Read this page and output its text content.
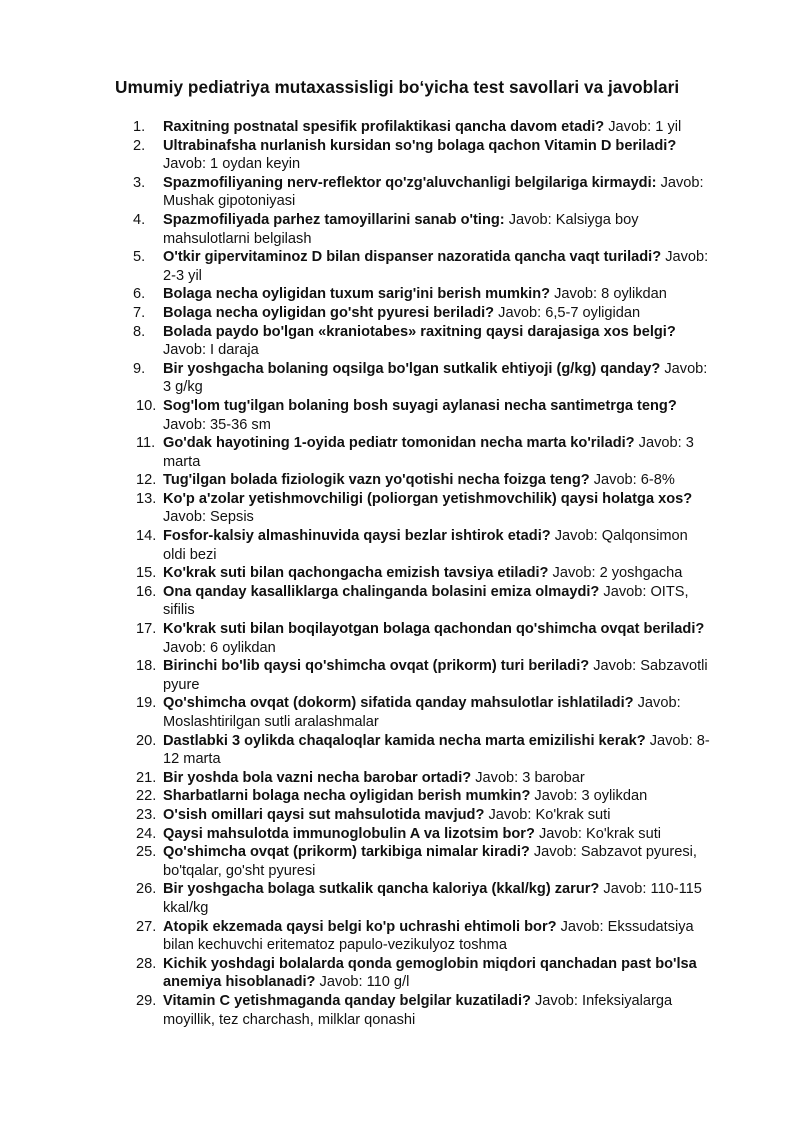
Umumiy pediatriya mutaxassisligi bo‘yicha test savollari va javoblari
1.	Raxitning postnatal spesifik profilaktikasi qancha davom etadi? Javob: 1 yil
2.	Ultrabinafsha nurlanish kursidan so'ng bolaga qachon Vitamin D beriladi? Javob: 1 oydan keyin
3.	Spazmofiliyaning nerv-reflektor qo'zg'aluvchanligi belgilariga kirmaydi: Javob: Mushak gipotoniyasi
4.	Spazmofiliyada parhez tamoyillarini sanab o'ting: Javob: Kalsiyga boy mahsulotlarni belgilash
5.	O'tkir gipervitaminoz D bilan dispanser nazoratida qancha vaqt turiladi? Javob: 2-3 yil
6.	Bolaga necha oyligidan tuxum sarig'ini berish mumkin? Javob: 8 oylikdan
7.	Bolaga necha oyligidan go'sht pyuresi beriladi? Javob: 6,5-7 oyligidan
8.	Bolada paydo bo'lgan «kraniotabes» raxitning qaysi darajasiga xos belgi? Javob: I daraja
9.	Bir yoshgacha bolaning oqsilga bo'lgan sutkalik ehtiyoji (g/kg) qanday? Javob: 3 g/kg
10. Sog'lom tug'ilgan bolaning bosh suyagi aylanasi necha santimetrga teng? Javob: 35-36 sm
11. Go'dak hayotining 1-oyida pediatr tomonidan necha marta ko'riladi? Javob: 3 marta
12. Tug'ilgan bolada fiziologik vazn yo'qotishi necha foizga teng? Javob: 6-8%
13. Ko'p a'zolar yetishmovchiligi (poliorgan yetishmovchilik) qaysi holatga xos? Javob: Sepsis
14. Fosfor-kalsiy almashinuvida qaysi bezlar ishtirok etadi? Javob: Qalqonsimon oldi bezi
15. Ko'krak suti bilan qachongacha emizish tavsiya etiladi? Javob: 2 yoshgacha
16. Ona qanday kasalliklarga chalinganda bolasini emiza olmaydi? Javob: OITS, sifilis
17. Ko'krak suti bilan boqilayotgan bolaga qachondan qo'shimcha ovqat beriladi? Javob: 6 oylikdan
18. Birinchi bo'lib qaysi qo'shimcha ovqat (prikorm) turi beriladi? Javob: Sabzavotli pyure
19. Qo'shimcha ovqat (dokorm) sifatida qanday mahsulotlar ishlatiladi? Javob: Moslashtirilgan sutli aralashmalar
20. Dastlabki 3 oylikda chaqaloqlar kamida necha marta emizilishi kerak? Javob: 8-12 marta
21. Bir yoshda bola vazni necha barobar ortadi? Javob: 3 barobar
22. Sharbatlarni bolaga necha oyligidan berish mumkin? Javob: 3 oylikdan
23. O'sish omillari qaysi sut mahsulotida mavjud? Javob: Ko'krak suti
24. Qaysi mahsulotda immunoglobulin A va lizotsim bor? Javob: Ko'krak suti
25. Qo'shimcha ovqat (prikorm) tarkibiga nimalar kiradi? Javob: Sabzavot pyuresi, bo'tqalar, go'sht pyuresi
26. Bir yoshgacha bolaga sutkalik qancha kaloriya (kkal/kg) zarur? Javob: 110-115 kkal/kg
27. Atopik ekzemada qaysi belgi ko'p uchrashi ehtimoli bor? Javob: Ekssudatsiya bilan kechuvchi eritematoz papulo-vezikulyoz toshma
28. Kichik yoshdagi bolalarda qonda gemoglobin miqdori qanchadan past bo'lsa anemiya hisoblanadi? Javob: 110 g/l
29. Vitamin C yetishmaganda qanday belgilar kuzatiladi? Javob: Infeksiyalarga moyillik, tez charchash, milklar qonashi
